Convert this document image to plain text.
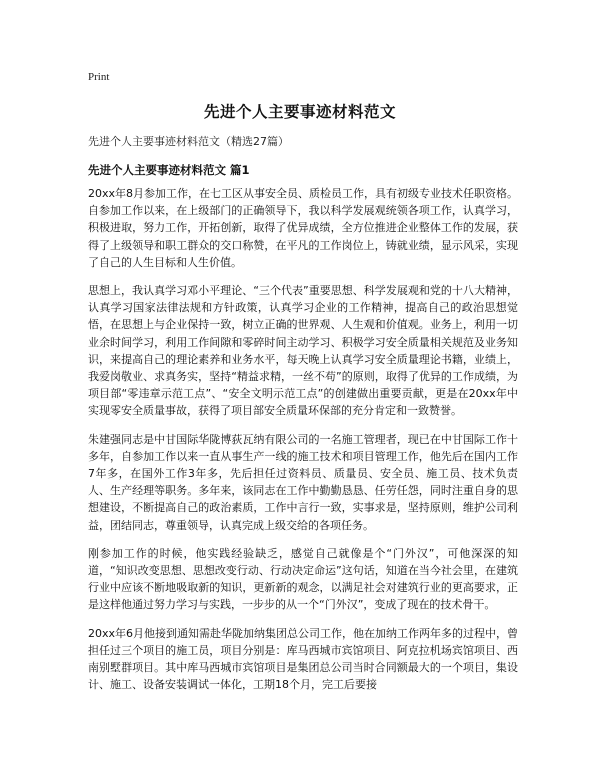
Print
先进个人主要事迹材料范文
先进个人主要事迹材料范文（精选27篇）
先进个人主要事迹材料范文 篇1

20xx年8月参加工作，在七工区从事安全员、质检员工作，具有初级专业技术任职资格。自参加工作以来，在上级部门的正确领导下，我以科学发展观统领各项工作，认真学习，积极进取，努力工作，开拓创新，取得了优异成绩，全方位推进企业整体工作的发展，获得了上级领导和职工群众的交口称赞，在平凡的工作岗位上，铸就业绩，显示风采，实现了自己的人生目标和人生价值。

思想上，我认真学习邓小平理论、“三个代表”重要思想、科学发展观和党的十八大精神，认真学习国家法律法规和方针政策，认真学习企业的工作精神，提高自己的政治思想觉悟，在思想上与企业保持一致，树立正确的世界观、人生观和价值观。业务上，利用一切业余时间学习，利用工作间隙和零碎时间主动学习、积极学习安全质量相关规范及业务知识，来提高自己的理论素养和业务水平，每天晚上认真学习安全质量理论书籍，业绩上，我爱岗敬业、求真务实，坚持“精益求精，一丝不苟”的原则，取得了优异的工作成绩，为项目部“零违章示范工点”、“安全文明示范工点”的创建做出重要贡献，更是在20xx年中实现零安全质量事故，获得了项目部安全质量环保部的充分肯定和一致赞誉。

朱建强同志是中甘国际华陇博荻瓦纳有限公司的一名施工管理者，现已在中甘国际工作十多年，自参加工作以来一直从事生产一线的施工技术和项目管理工作，他先后在国内工作7年多，在国外工作3年多，先后担任过资料员、质量员、安全员、施工员、技术负责人、生产经理等职务。多年来，该同志在工作中勤勤恳恳、任劳任怨，同时注重自身的思想建设，不断提高自己的政治素质，工作中言行一致，实事求是，坚持原则，维护公司利益，团结同志，尊重领导，认真完成上级交给的各项任务。

刚参加工作的时候，他实践经验缺乏，感觉自己就像是个“门外汉”，可他深深的知道，“知识改变思想、思想改变行动、行动决定命运”这句话，知道在当今社会里，在建筑行业中应该不断地吸取新的知识，更新新的观念，以满足社会对建筑行业的更高要求，正是这样他通过努力学习与实践，一步步的从一个“门外汉”，变成了现在的技术骨干。

20xx年6月他接到通知需赴华陇加纳集团总公司工作，他在加纳工作两年多的过程中，曾担任过三个项目的施工员，项目分别是：库马西城市宾馆项目、阿克拉机场宾馆项目、西南别墅群项目。其中库马西城市宾馆项目是集团总公司当时合同额最大的一个项目，集设计、施工、设备安装调试一体化，工期18个月，完工后要接
